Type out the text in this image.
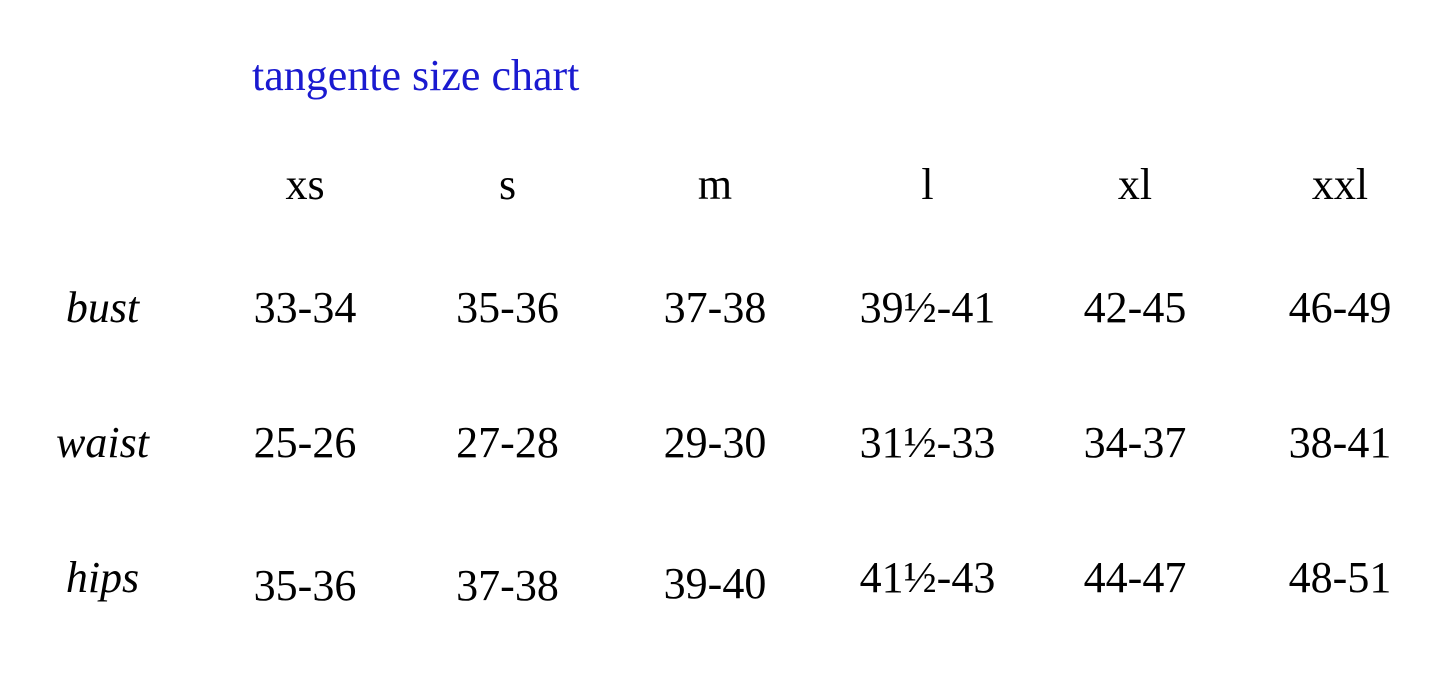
tangente size chart
	xs	s	m	l	xl	xxl
bust	33-34	35-36	37-38	39½-41	42-45	46-49
waist	25-26	27-28	29-30	31½-33	34-37	38-41
hips	35-36	37-38	39-40	41½-43	44-47	48-51
